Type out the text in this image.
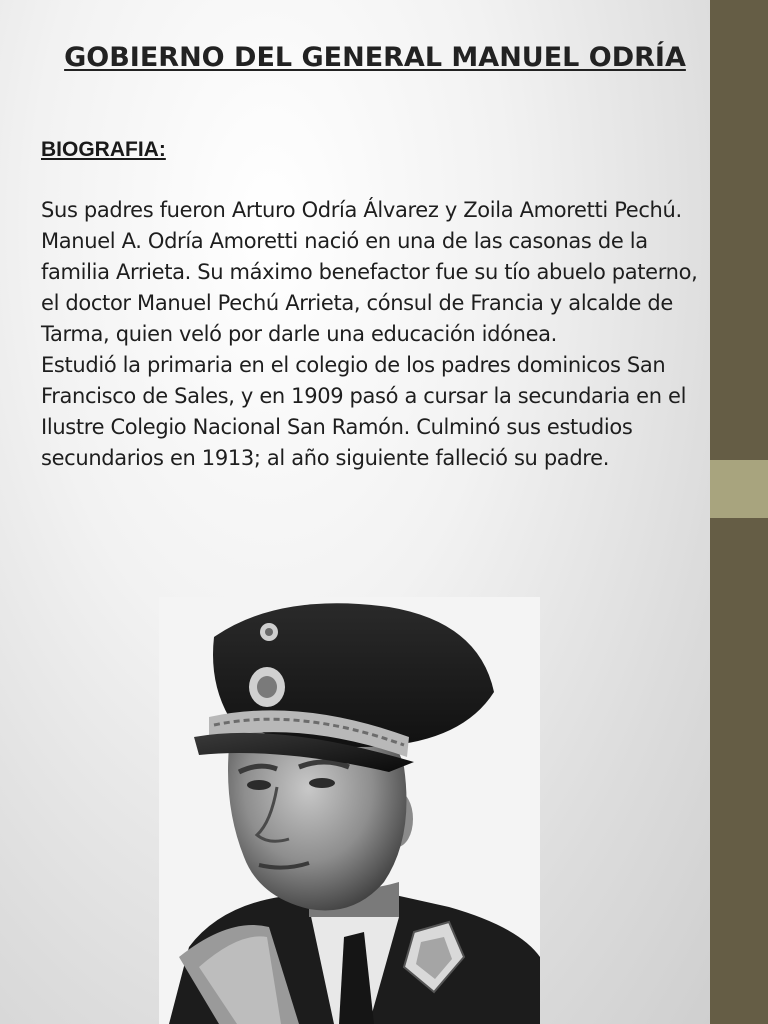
GOBIERNO DEL GENERAL MANUEL ODRÍA
BIOGRAFIA:

Sus padres fueron Arturo Odría Álvarez y Zoila Amoretti Pechú. Manuel A. Odría Amoretti nació en una de las casonas de la familia Arrieta. Su máximo benefactor fue su tío abuelo paterno, el doctor Manuel Pechú Arrieta, cónsul de Francia y alcalde de Tarma, quien veló por darle una educación idónea.

Estudió la primaria en el colegio de los padres dominicos San Francisco de Sales, y en 1909 pasó a cursar la secundaria en el Ilustre Colegio Nacional San Ramón. Culminó sus estudios secundarios en 1913; al año siguiente falleció su padre.
